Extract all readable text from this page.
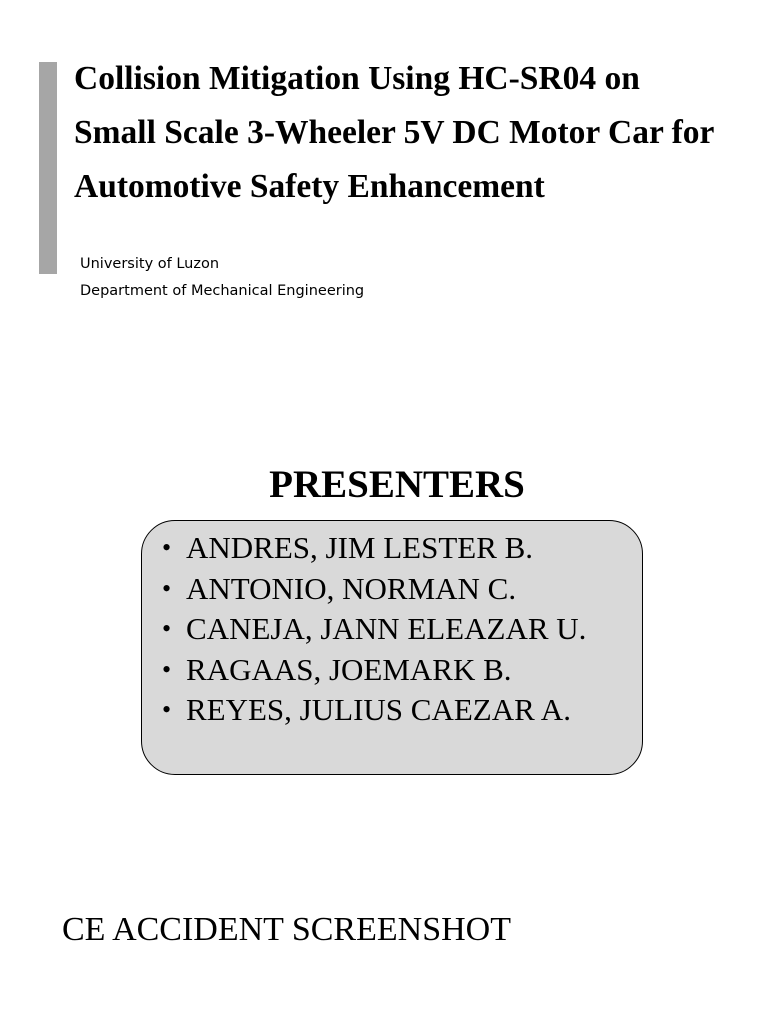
Collision Mitigation Using HC-SR04 on Small Scale 3-Wheeler 5V DC Motor Car for Automotive Safety Enhancement
University of Luzon
Department of Mechanical Engineering
PRESENTERS
• ANDRES, JIM LESTER B.
• ANTONIO, NORMAN C.
• CANEJA, JANN ELEAZAR U.
• RAGAAS, JOEMARK B.
• REYES, JULIUS CAEZAR A.

CE ACCIDENT SCREENSHOT
